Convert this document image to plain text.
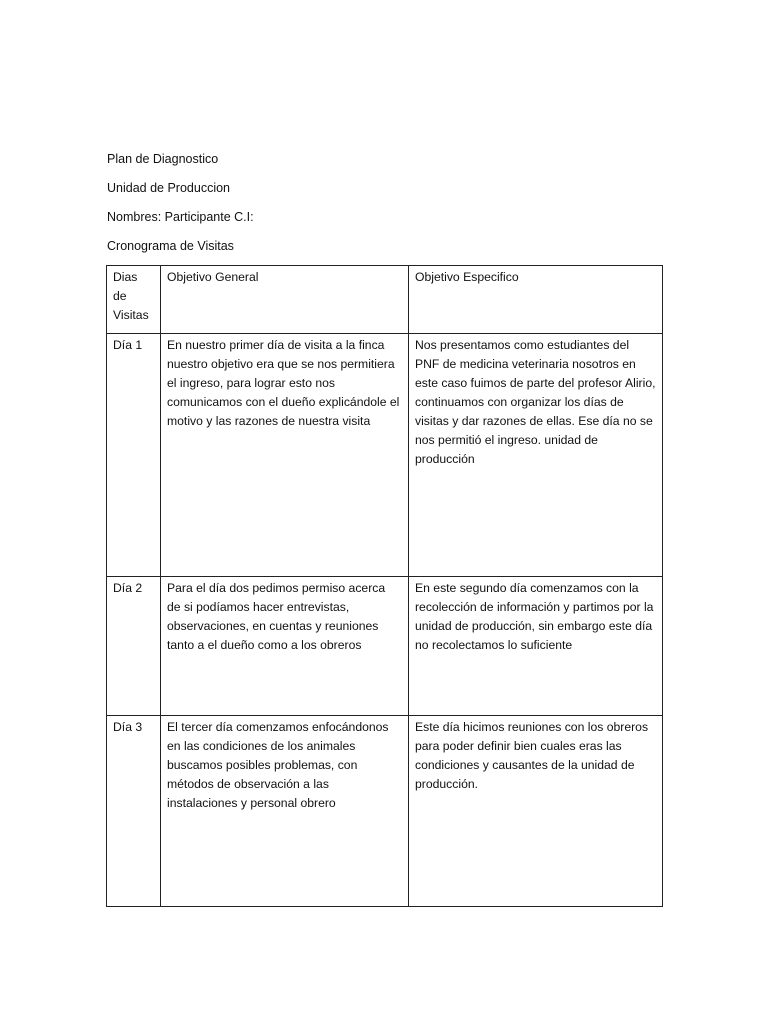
Plan de Diagnostico
Unidad de Produccion
Nombres: Participante C.I:
Cronograma de Visitas
Dias de Visitas	Objetivo General	Objetivo Especifico
Día 1	En nuestro primer día de visita a la finca nuestro objetivo era que se nos permitiera el ingreso, para lograr esto nos comunicamos con el dueño explicándole el motivo y las razones de nuestra visita	Nos presentamos como estudiantes del PNF de medicina veterinaria nosotros en este caso fuimos de parte del profesor Alirio, continuamos con organizar los días de visitas y dar razones de ellas. Ese día no se nos permitió el ingreso. unidad de producción
Día 2	Para el día dos pedimos permiso acerca de si podíamos hacer entrevistas, observaciones, en cuentas y reuniones tanto a el dueño como a los obreros	En este segundo día comenzamos con la recolección de información y partimos por la unidad de producción, sin embargo este día no recolectamos lo suficiente
Día 3	El tercer día comenzamos enfocándonos en las condiciones de los animales buscamos posibles problemas, con métodos de observación a las instalaciones y personal obrero	Este día hicimos reuniones con los obreros para poder definir bien cuales eras las condiciones y causantes de la unidad de producción.
